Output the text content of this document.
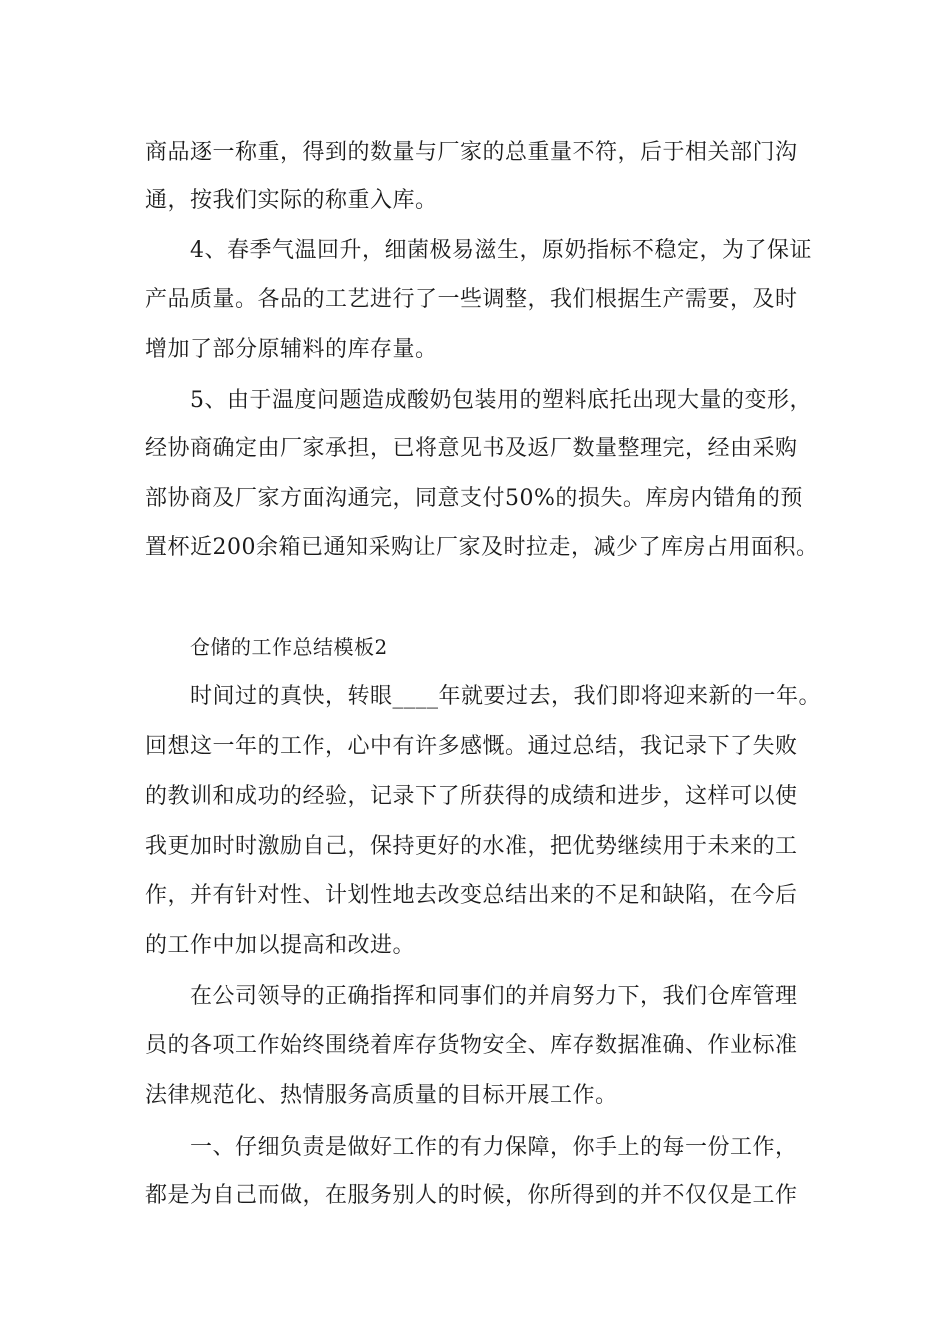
商品逐一称重，得到的数量与厂家的总重量不符，后于相关部门沟
通，按我们实际的称重入库。
4、春季气温回升，细菌极易滋生，原奶指标不稳定，为了保证
产品质量。各品的工艺进行了一些调整，我们根据生产需要，及时
增加了部分原辅料的库存量。
5、由于温度问题造成酸奶包装用的塑料底托出现大量的变形，
经协商确定由厂家承担，已将意见书及返厂数量整理完，经由采购
部协商及厂家方面沟通完，同意支付50%的损失。库房内错角的预
置杯近200余箱已通知采购让厂家及时拉走，减少了库房占用面积。
仓储的工作总结模板2
时间过的真快，转眼____年就要过去，我们即将迎来新的一年。
回想这一年的工作，心中有许多感慨。通过总结，我记录下了失败
的教训和成功的经验，记录下了所获得的成绩和进步，这样可以使
我更加时时激励自己，保持更好的水准，把优势继续用于未来的工
作，并有针对性、计划性地去改变总结出来的不足和缺陷，在今后
的工作中加以提高和改进。
在公司领导的正确指挥和同事们的并肩努力下，我们仓库管理
员的各项工作始终围绕着库存货物安全、库存数据准确、作业标准
法律规范化、热情服务高质量的目标开展工作。
一、仔细负责是做好工作的有力保障，你手上的每一份工作，
都是为自己而做，在服务别人的时候，你所得到的并不仅仅是工作
